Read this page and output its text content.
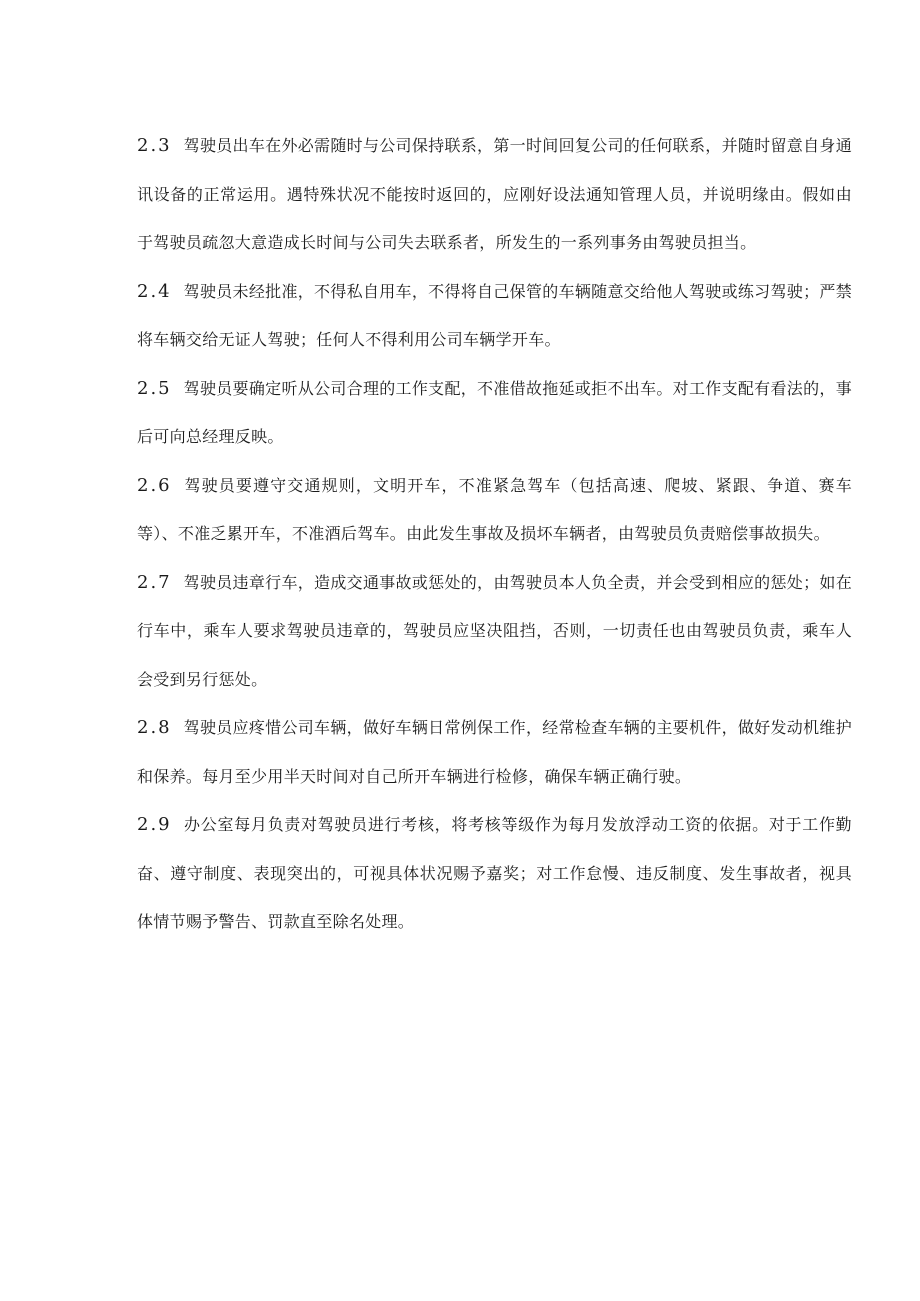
2.3 驾驶员出车在外必需随时与公司保持联系，第一时间回复公司的任何联系，并随时留意自身通讯设备的正常运用。遇特殊状况不能按时返回的，应刚好设法通知管理人员，并说明缘由。假如由于驾驶员疏忽大意造成长时间与公司失去联系者，所发生的一系列事务由驾驶员担当。

2.4 驾驶员未经批准，不得私自用车，不得将自己保管的车辆随意交给他人驾驶或练习驾驶；严禁将车辆交给无证人驾驶；任何人不得利用公司车辆学开车。

2.5 驾驶员要确定听从公司合理的工作支配，不准借故拖延或拒不出车。对工作支配有看法的，事后可向总经理反映。

2.6 驾驶员要遵守交通规则，文明开车，不准紧急驾车（包括高速、爬坡、紧跟、争道、赛车等）、不准乏累开车，不准酒后驾车。由此发生事故及损坏车辆者，由驾驶员负责赔偿事故损失。

2.7 驾驶员违章行车，造成交通事故或惩处的，由驾驶员本人负全责，并会受到相应的惩处；如在行车中，乘车人要求驾驶员违章的，驾驶员应坚决阻挡，否则，一切责任也由驾驶员负责，乘车人会受到另行惩处。

2.8 驾驶员应疼惜公司车辆，做好车辆日常例保工作，经常检查车辆的主要机件，做好发动机维护和保养。每月至少用半天时间对自己所开车辆进行检修，确保车辆正确行驶。

2.9 办公室每月负责对驾驶员进行考核，将考核等级作为每月发放浮动工资的依据。对于工作勤奋、遵守制度、表现突出的，可视具体状况赐予嘉奖；对工作怠慢、违反制度、发生事故者，视具体情节赐予警告、罚款直至除名处理。
